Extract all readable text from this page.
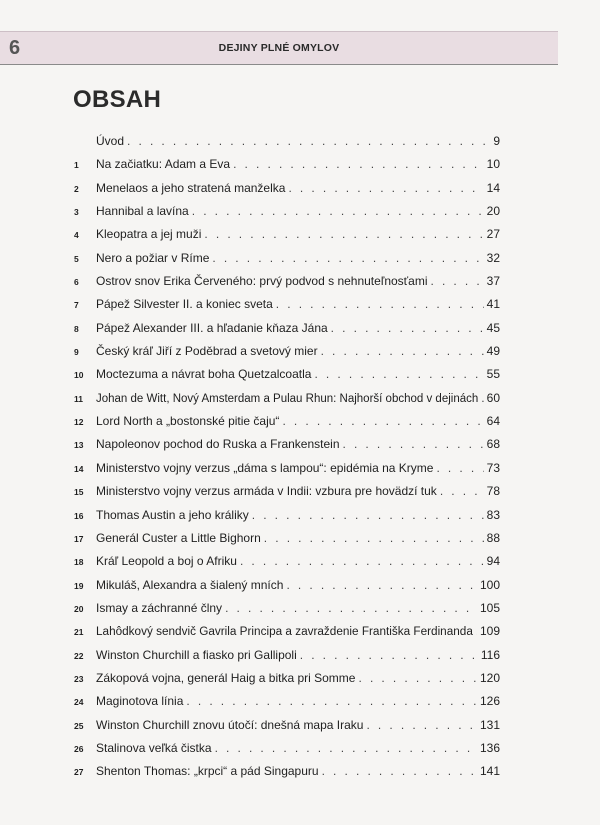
6	DEJINY PLNÉ OMYLOV
OBSAH
Úvod . . .	9
1	Na začiatku: Adam a Eva . . .	10
2	Menelaos a jeho stratená manželka . . .	14
3	Hannibal a lavína . . .	20
4	Kleopatra a jej muži . . .	27
5	Nero a požiar v Ríme . . .	32
6	Ostrov snov Erika Červeného: prvý podvod s nehnuteľnosťami . . .	37
7	Pápež Silvester II. a koniec sveta . . .	41
8	Pápež Alexander III. a hľadanie kňaza Jána . . .	45
9	Český kráľ Jiří z Poděbrad a svetový mier . . .	49
10	Moctezuma a návrat boha Quetzalcoatla . . .	55
11	Johan de Witt, Nový Amsterdam a Pulau Rhun: Najhorší obchod v dejinách . . . 60
12	Lord North a „bostonské pitie čaju“ . . .	64
13	Napoleonov pochod do Ruska a Frankenstein . . .	68
14	Ministerstvo vojny verzus „dáma s lampou“: epidémia na Kryme . . .	73
15	Ministerstvo vojny verzus armáda v Indii: vzbura pre hovädzí tuk . . .	78
16	Thomas Austin a jeho králiky . . .	83
17	Generál Custer a Little Bighorn . . .	88
18	Kráľ Leopold a boj o Afriku . . .	94
19	Mikuláš, Alexandra a šialený mních . . .	100
20	Ismay a záchranné člny . . .	105
21	Lahôdkový sendvič Gavrila Principa a zavraždenie Františka Ferdinanda . . . 109
22	Winston Churchill a fiasko pri Gallipoli . . .	116
23	Zákopová vojna, generál Haig a bitka pri Somme . . .	120
24	Maginotova línia . . .	126
25	Winston Churchill znovu útočí: dnešná mapa Iraku . . .	131
26	Stalinova veľká čistka . . .	136
27	Shenton Thomas: „krpci“ a pád Singapuru . . .	141
